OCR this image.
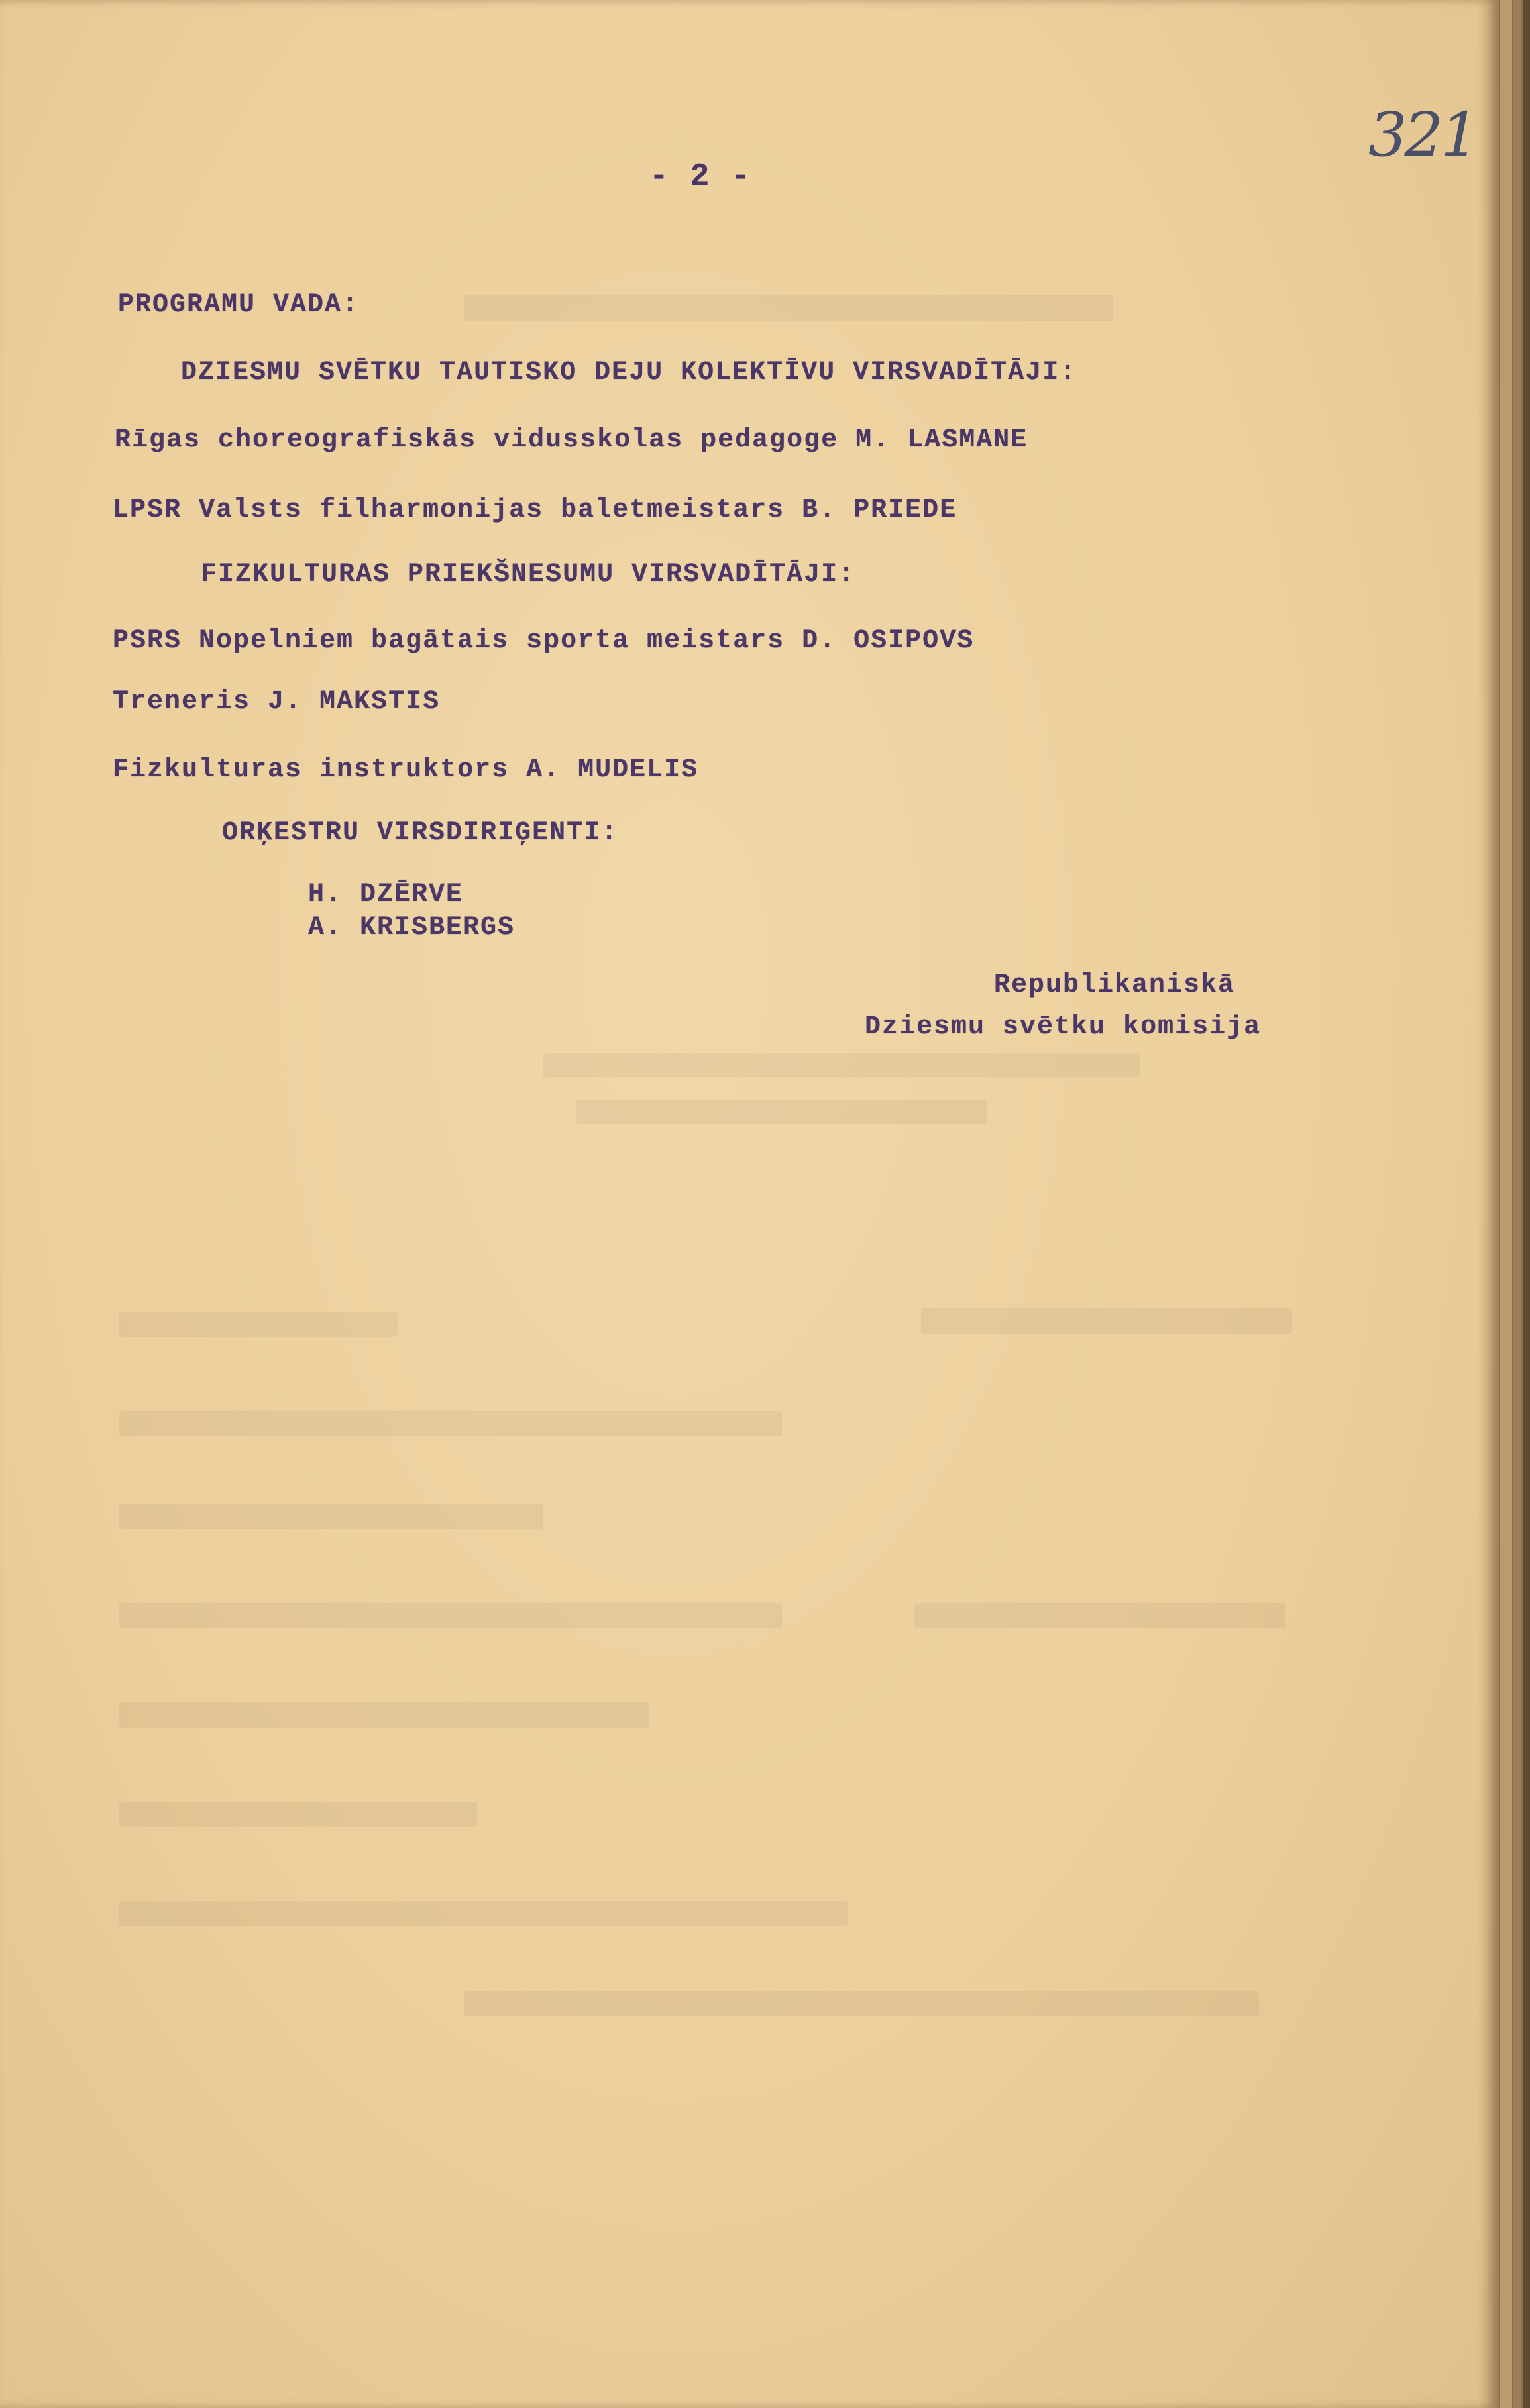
321
- 2 -
PROGRAMU VADA:
DZIESMU SVĒTKU TAUTISKO DEJU KOLEKTĪVU VIRSVADĪTĀJI:
Rīgas choreografiskās vidusskolas pedagoge M. LASMANE
LPSR Valsts filharmonijas baletmeistars B. PRIEDE
FIZKULTURAS PRIEKŠNESUMU VIRSVADĪTĀJI:
PSRS Nopelniem bagātais sporta meistars D. OSIPOVS
Treneris J. MAKSTIS
Fizkulturas instruktors A. MUDELIS
ORĶESTRU VIRSDIRIĢENTI:
H. DZĒRVE
A. KRISBERGS
Republikaniskā
Dziesmu svētku komisija
